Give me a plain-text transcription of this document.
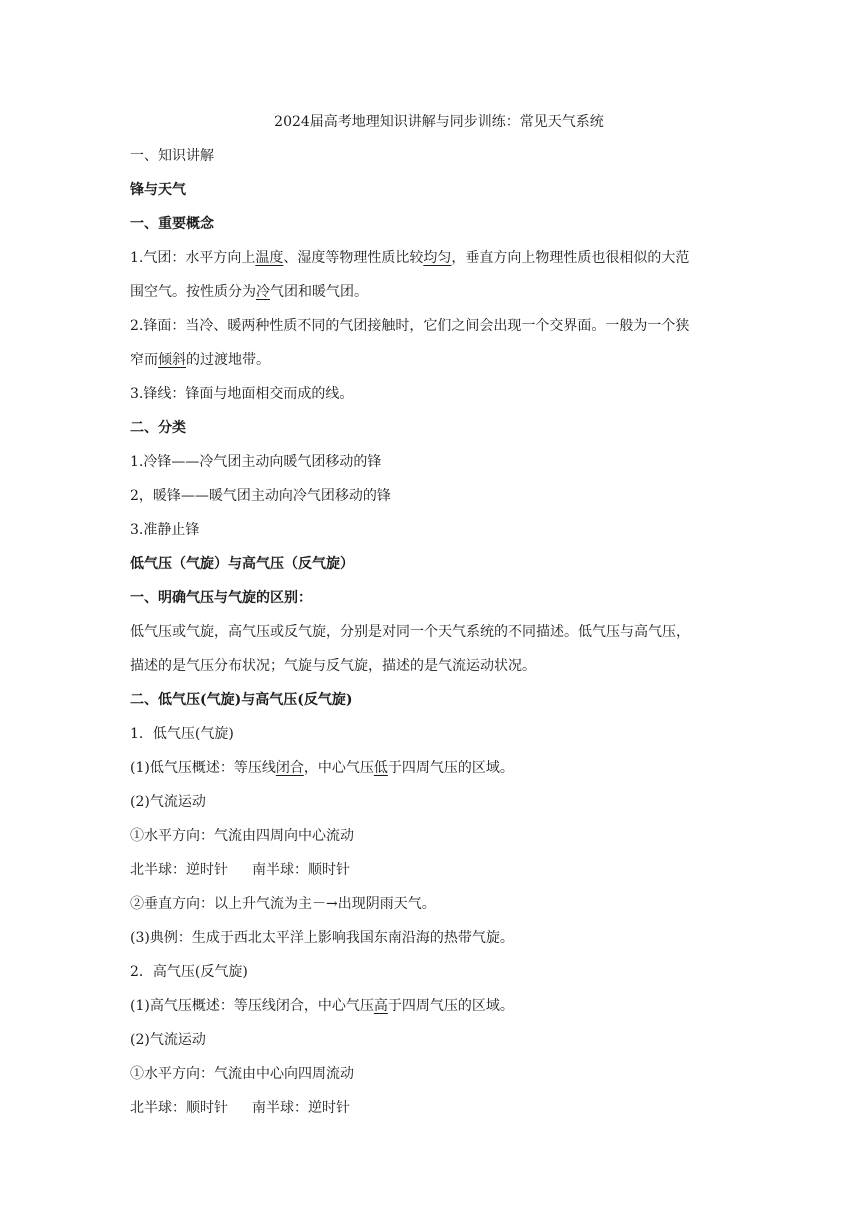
2024届高考地理知识讲解与同步训练：常见天气系统
一、知识讲解
锋与天气
一、重要概念
1.气团：水平方向上温度、湿度等物理性质比较均匀，垂直方向上物理性质也很相似的大范
围空气。按性质分为冷气团和暖气团。
2.锋面：当冷、暖两种性质不同的气团接触时，它们之间会出现一个交界面。一般为一个狭
窄而倾斜的过渡地带。
3.锋线：锋面与地面相交而成的线。
二、分类
1.冷锋——冷气团主动向暖气团移动的锋
2，暖锋——暖气团主动向冷气团移动的锋
3.准静止锋
低气压（气旋）与高气压（反气旋）
一、明确气压与气旋的区别：
低气压或气旋，高气压或反气旋，分别是对同一个天气系统的不同描述。低气压与高气压，
描述的是气压分布状况；气旋与反气旋，描述的是气流运动状况。
二、低气压(气旋)与高气压(反气旋)
1．低气压(气旋)
(1)低气压概述：等压线闭合，中心气压低于四周气压的区域。
(2)气流运动
①水平方向：气流由四周向中心流动
北半球：逆时针 南半球：顺时针
②垂直方向：以上升气流为主－→出现阴雨天气。
(3)典例：生成于西北太平洋上影响我国东南沿海的热带气旋。
2．高气压(反气旋)
(1)高气压概述：等压线闭合，中心气压高于四周气压的区域。
(2)气流运动
①水平方向：气流由中心向四周流动
北半球：顺时针 南半球：逆时针
